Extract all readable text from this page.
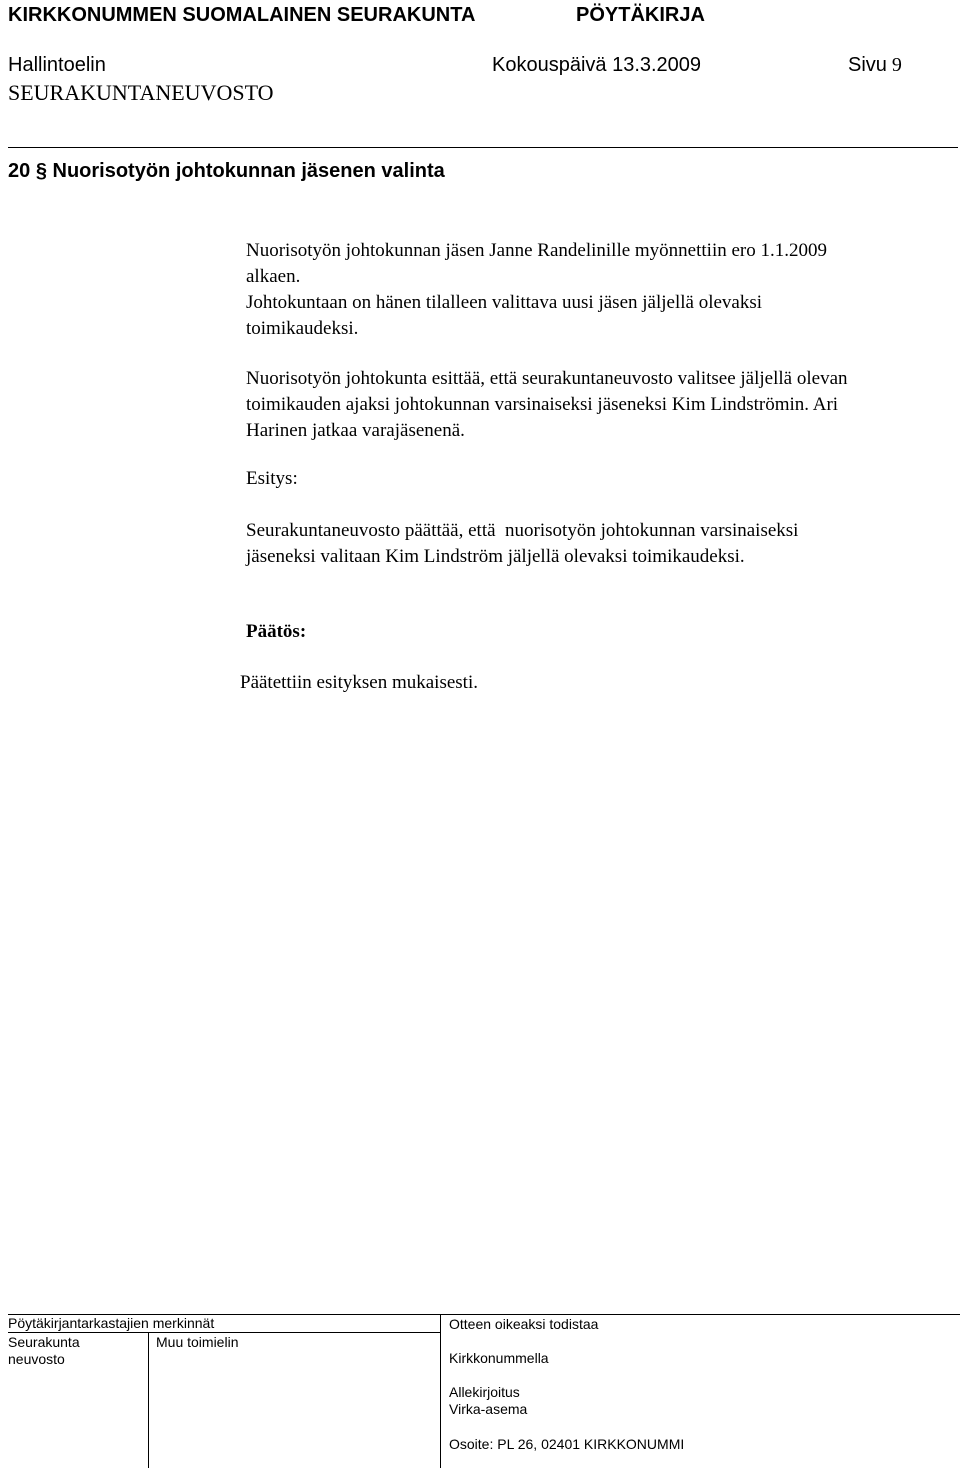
KIRKKONUMMEN SUOMALAINEN SEURAKUNTA	PÖYTÄKIRJA
Hallintoelin	Kokouspäivä 13.3.2009	Sivu 9
SEURAKUNTANEUVOSTO
20 § Nuorisotyön johtokunnan jäsenen valinta
Nuorisotyön johtokunnan jäsen Janne Randelinille myönnettiin ero 1.1.2009
alkaen.
Johtokuntaan on hänen tilalleen valittava uusi jäsen jäljellä olevaksi
toimikaudeksi.
Nuorisotyön johtokunta esittää, että seurakuntaneuvosto valitsee jäljellä olevan
toimikauden ajaksi johtokunnan varsinaiseksi jäseneksi Kim Lindströmin. Ari
Harinen jatkaa varajäsenenä.
Esitys:
Seurakuntaneuvosto päättää, että  nuorisotyön johtokunnan varsinaiseksi
jäseneksi valitaan Kim Lindström jäljellä olevaksi toimikaudeksi.
Päätös:
Päätettiin esityksen mukaisesti.
Pöytäkirjantarkastajien merkinnät
Seurakunta
neuvosto
Muu toimielin
Otteen oikeaksi todistaa
Kirkkonummella
Allekirjoitus
Virka-asema
Osoite: PL 26, 02401 KIRKKONUMMI
